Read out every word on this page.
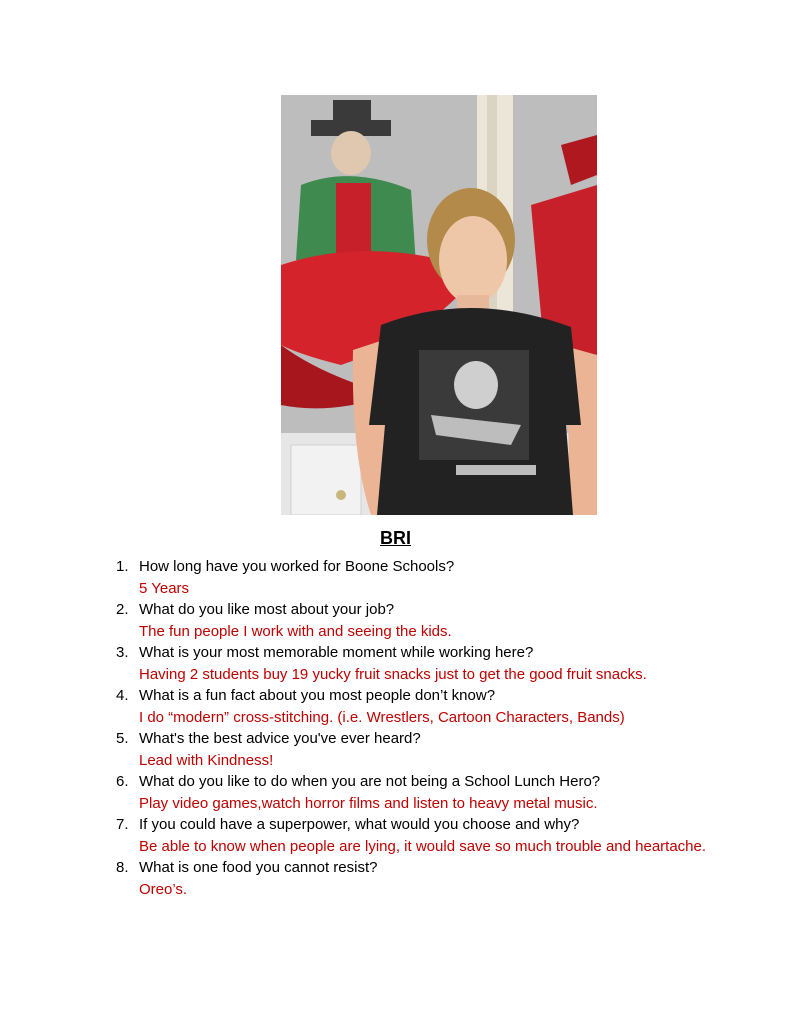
BRI
1. How long have you worked for Boone Schools?
5 Years
2. What do you like most about your job?
The fun people I work with and seeing the kids.
3. What is your most memorable moment while working here?
Having 2 students buy 19 yucky fruit snacks just to get the good fruit snacks.
4. What is a fun fact about you most people don’t know?
I do “modern” cross-stitching. (i.e. Wrestlers, Cartoon Characters, Bands)
5. What's the best advice you've ever heard?
Lead with Kindness!
6. What do you like to do when you are not being a School Lunch Hero?
Play video games,watch horror films and listen to heavy metal music.
7. If you could have a superpower, what would you choose and why?
Be able to know when people are lying, it would save so much trouble and heartache.
8. What is one food you cannot resist?
Oreo’s.
